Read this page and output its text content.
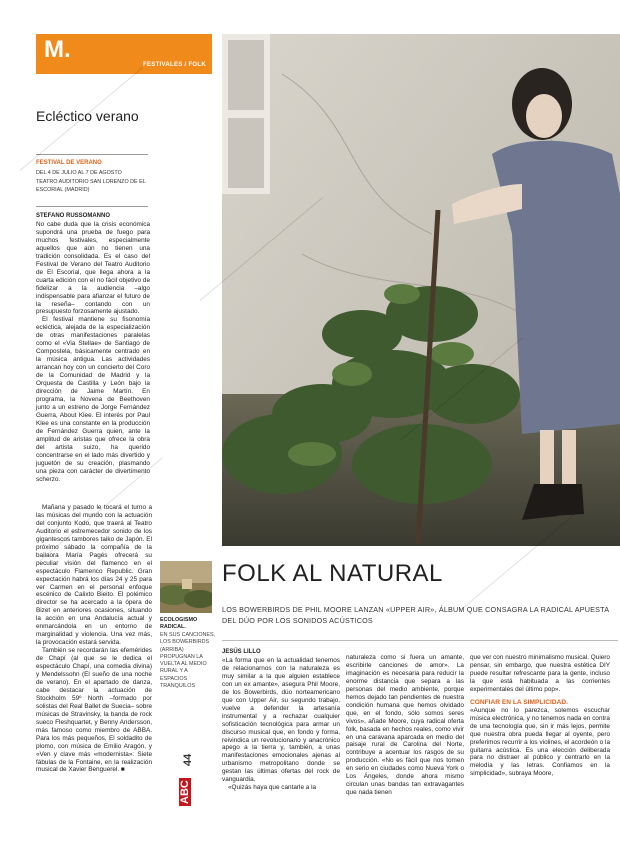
M.
FESTIVALES / FOLK
Ecléctico verano
FESTIVAL DE VERANO
DEL 4 DE JULIO AL 7 DE AGOSTO
TEATRO AUDITORIO SAN LORENZO DE EL ESCORIAL (MADRID)
STEFANO RUSSOMANNO

No cabe duda que la crisis económica supondrá una prueba de fuego para muchos festivales, especialmente aquellos que aún no tienen una tradición consolidada. Es el caso del Festival de Verano del Teatro Auditorio de El Escorial, que llega ahora a la cuarta edición con el no fácil objetivo de fidelizar a la audiencia –algo indispensable para afianzar el futuro de la reseña– contando con un presupuesto forzosamente ajustado.

El festival mantiene su fisonomía ecléctica, alejada de la especialización de otras manifestaciones paralelas como el «Via Stellae» de Santiago de Compostela, básicamente centrado en la música antigua. Las actividades arrancan hoy con un concierto del Coro de la Comunidad de Madrid y la Orquesta de Castilla y León bajo la dirección de Jaime Martín. En programa, la Novena de Beethoven junto a un estreno de Jorge Fernández Guerra, About Klee. El interés por Paul Klee es una constante en la producción de Fernández Guerra quien, ante la amplitud de aristas que ofrece la obra del artista suizo, ha querido concentrarse en el lado más divertido y juguetón de su creación, plasmando una pieza con carácter de divertimento scherzo.

Mañana y pasado le tocará el turno a las músicas del mundo con la actuación del conjunto Kodo, que traerá al Teatro Auditorio el estremecedor sonido de los gigantescos tambores taiko de Japón. El próximo sábado la compañía de la bailaora María Pagés ofrecerá su peculiar visión del flamenco en el espectáculo Flamenco Republic. Gran expectación habrá los días 24 y 25 para ver Carmen en el personal enfoque escénico de Calixto Bieito. El polémico director se ha acercado a la ópera de Bizet en anteriores ocasiones, situando la acción en una Andalucía actual y enmarcándola en un entorno de marginalidad y violencia. Una vez más, la provocación estará servida.

También se recordarán las efemérides de Chapí (al que se le dedica el espectáculo Chapí, una comedia divina) y Mendelssohn (El sueño de una noche de verano). En el apartado de danza, cabe destacar la actuación de Stockholm 59º North –formado por solistas del Real Ballet de Suecia– sobre músicas de Stravinsky, la banda de rock sueco Fleshquartet, y Benny Andersson, más famoso como miembro de ABBA. Para los más pequeños, El soldadito de plomo, con música de Emilio Aragón, y «Ven y clave más «modernista»: Siete fábulas de la Fontaine, en la realización musical de Xavier Benguerel. ■

ECOLOGISMO RADICAL.
EN SUS CANCIONES, LOS BOWERBIRDS (ARRIBA) PROPUGNAN LA VUELTA AL MEDIO RURAL Y A ESPACIOS TRANQUILOS
44
ABC
FOLK AL NATURAL
LOS BOWERBIRDS DE PHIL MOORE LANZAN «UPPER AIR», ÁLBUM QUE CONSAGRA LA RADICAL APUESTA DEL DÚO POR LOS SONIDOS ACÚSTICOS
JESÚS LILLO

«La forma que en la actualidad tenemos de relacionarnos con la naturaleza es muy similar a la que alguien establece con un ex amante», asegura Phil Moore, de los Bowerbirds, dúo norteamericano que con Upper Air, su segundo trabajo, vuelve a defender la artesanía instrumental y a rechazar cualquier sofisticación tecnológica para armar un discurso musical que, en fondo y forma, reivindica un revolucionario y anacrónico apego a la tierra y, también, a unas manifestaciones emocionales ajenas al urbanismo metropolitano donde se gestan las últimas ofertas del rock de vanguardia.

«Quizás haya que cantarle a la

naturaleza como si fuera un amante, escribirle canciones de amor». La imaginación es necesaria para reducir la enorme distancia que separa a las personas del medio ambiente, porque hemos dejado tan pendientes de nuestra condición humana que hemos olvidado que, en el fondo, sólo somos seres vivos», añade Moore, cuya radical oferta folk, basada en hechos reales, como vivir en una caravana aparcada en medio del paisaje rural de Carolina del Norte, contribuye a acentuar los rasgos de su producción. «No es fácil que nos tomen en serio en ciudades como Nueva York o Los Ángeles, donde ahora mismo circulan unas bandas tan extravagantes que nada tienen

que ver con nuestro minimalismo musical. Quiero pensar, sin embargo, que nuestra estética DIY puede resultar refrescante para la gente, incluso la que está habituada a las corrientes experimentales del último pop».

CONFIAR EN LA SIMPLICIDAD.

«Aunque no lo parezca, solemos escuchar música electrónica, y no tenemos nada en contra de una tecnología que, sin ir más lejos, permite que nuestra obra pueda llegar al oyente, pero preferimos recurrir a los violines, el acordeón o la guitarra acústica. Es una elección deliberada para no distraer al público y centrarlo en la melodía y las letras. Confiamos en la simplicidad», subraya Moore,
